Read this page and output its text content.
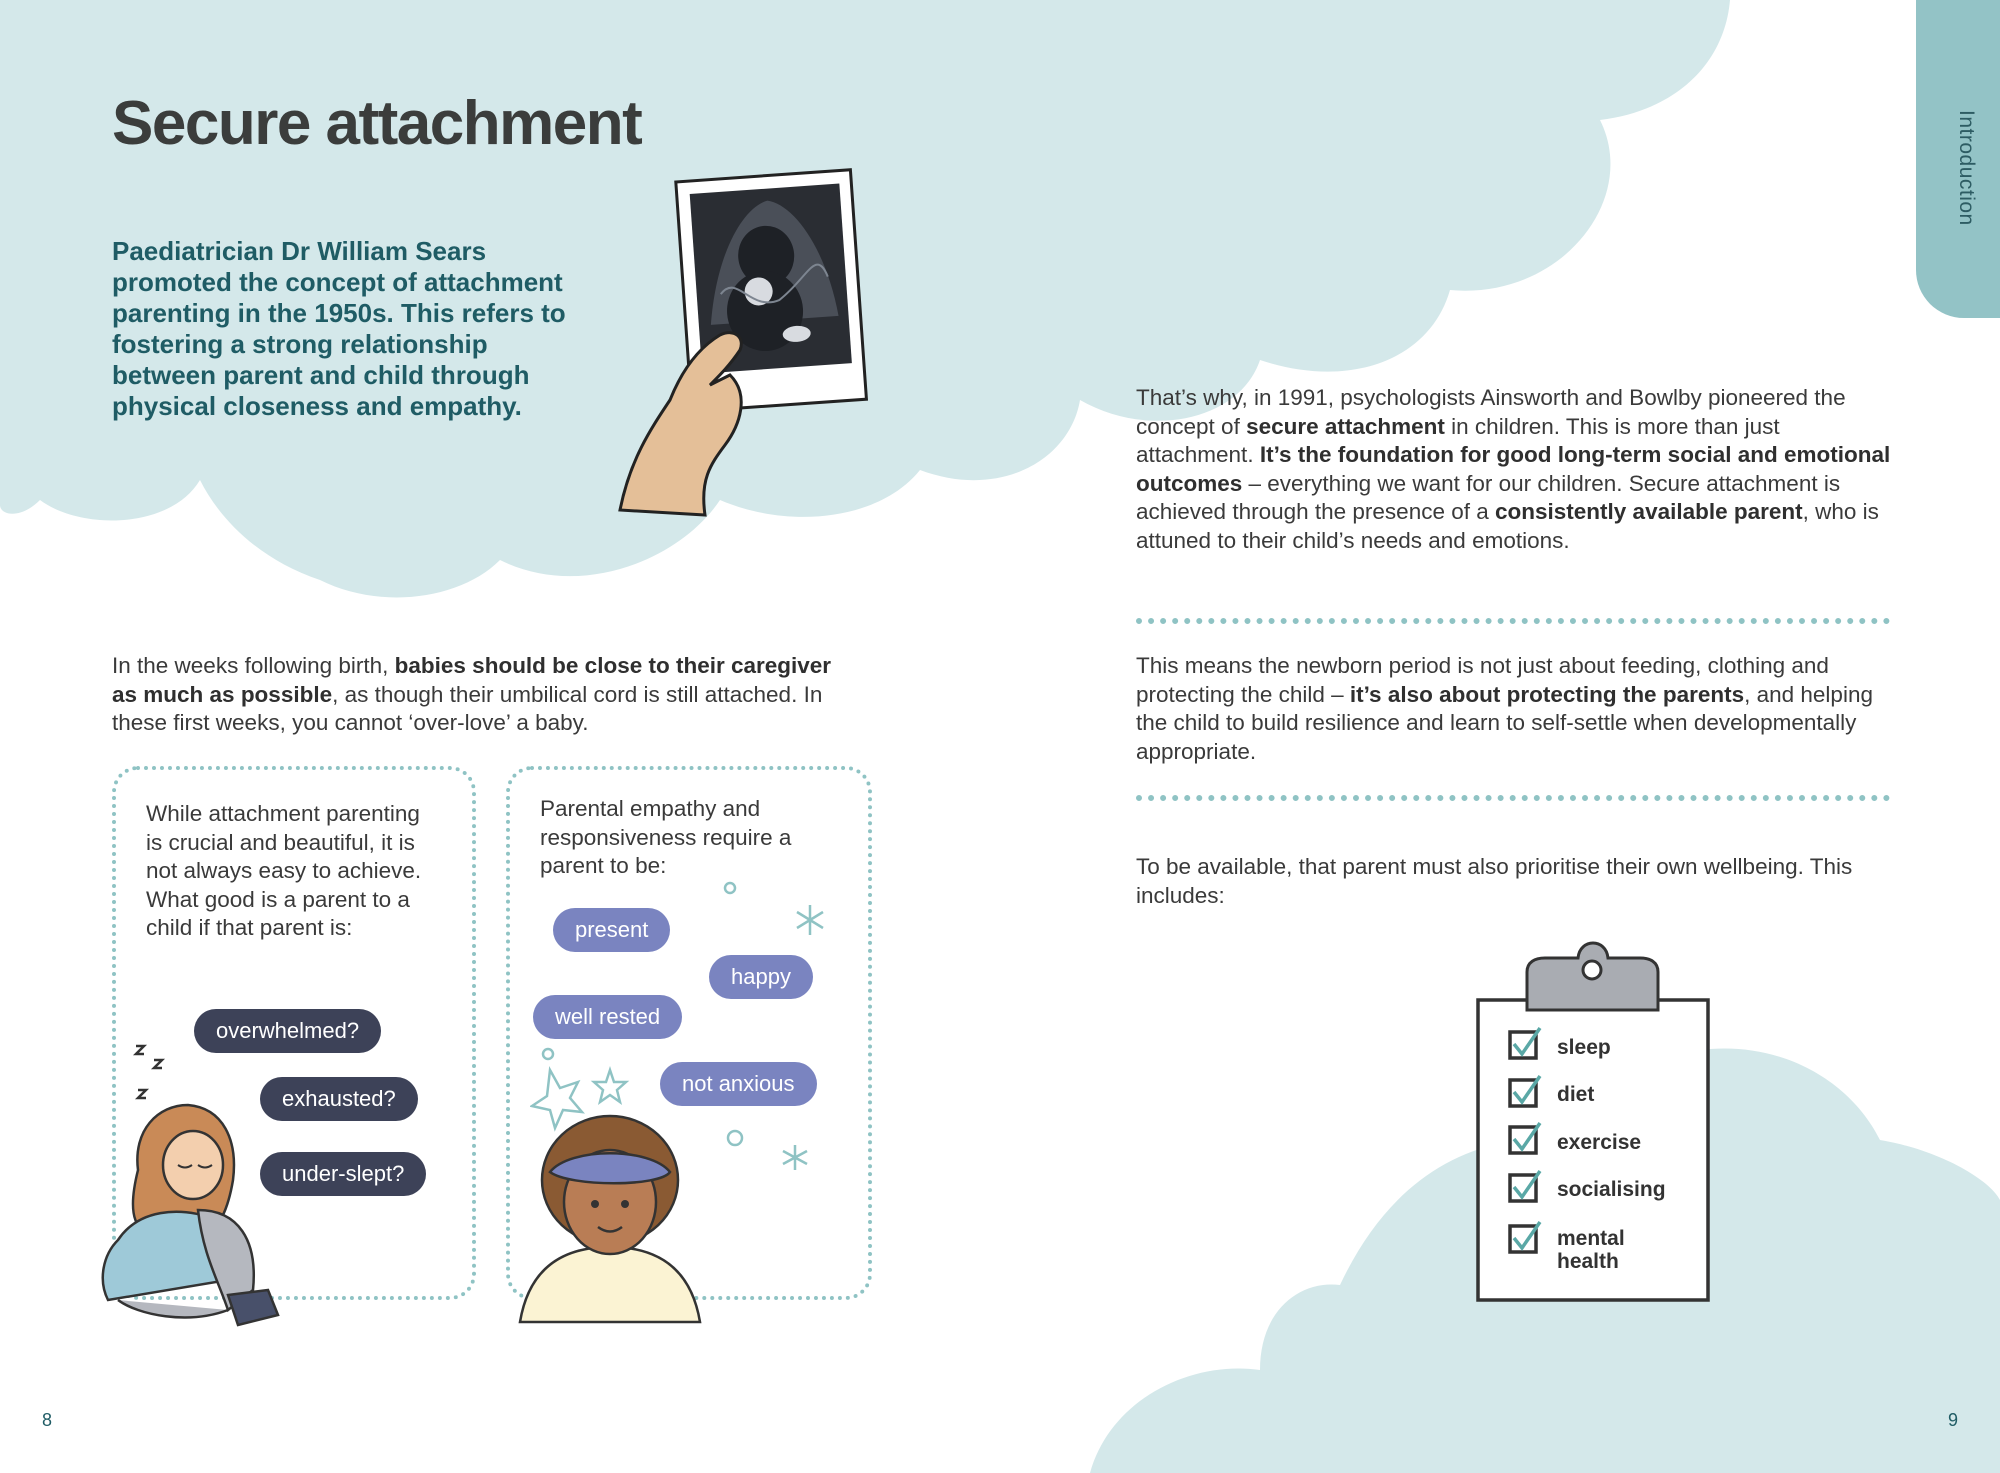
Introduction
Secure attachment

Paediatrician Dr William Sears promoted the concept of attachment parenting in the 1950s. This refers to fostering a strong relationship between parent and child through physical closeness and empathy.

In the weeks following birth, babies should be close to their caregiver as much as possible, as though their umbilical cord is still attached. In these first weeks, you cannot ‘over-love’ a baby.

While attachment parenting is crucial and beautiful, it is not always easy to achieve. What good is a parent to a child if that parent is:

Parental empathy and responsiveness require a parent to be:

overwhelmed?
exhausted?
under-slept?
present
happy
well rested
not anxious

That’s why, in 1991, psychologists Ainsworth and Bowlby pioneered the concept of secure attachment in children. This is more than just attachment. It’s the foundation for good long-term social and emotional outcomes – everything we want for our children. Secure attachment is achieved through the presence of a consistently available parent, who is attuned to their child’s needs and emotions.

This means the newborn period is not just about feeding, clothing and protecting the child – it’s also about protecting the parents, and helping the child to build resilience and learn to self-settle when developmentally appropriate.

To be available, that parent must also prioritise their own wellbeing. This includes:

sleep
diet
exercise
socialising
mental health
8	9
